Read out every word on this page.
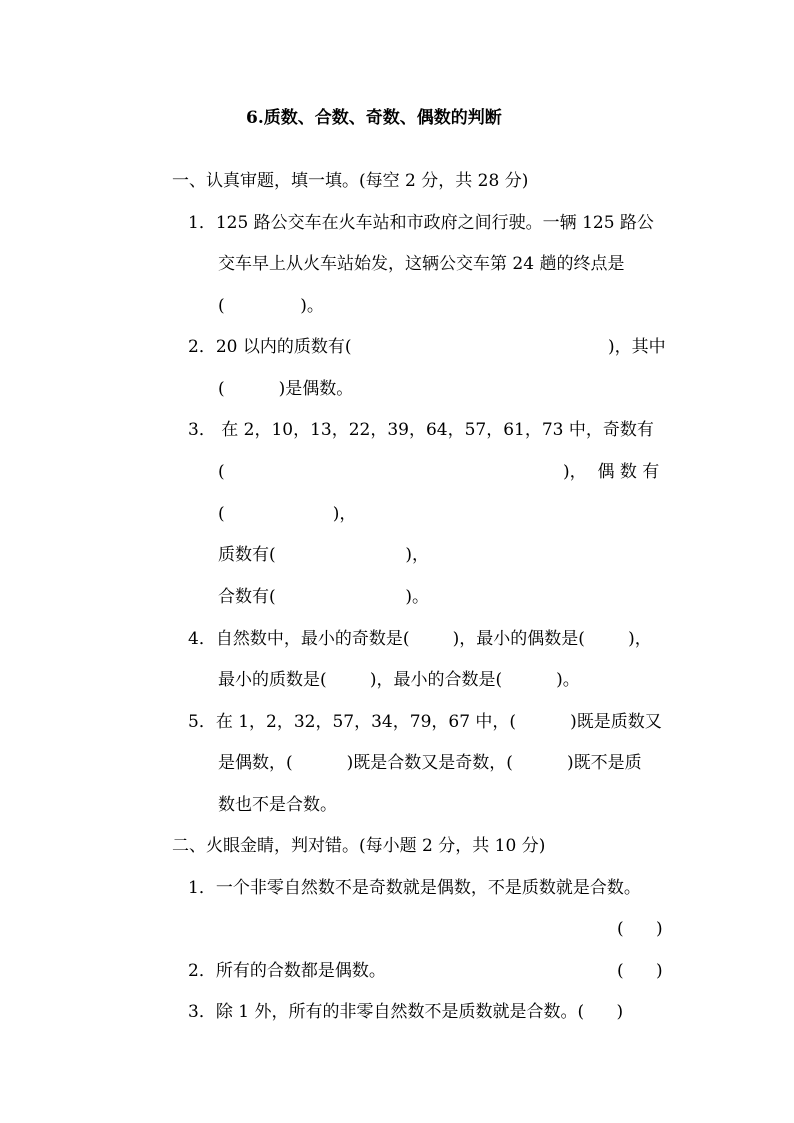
6.质数、合数、奇数、偶数的判断
一、认真审题，填一填。(每空 2 分，共 28 分)
1．125 路公交车在火车站和市政府之间行驶。一辆 125 路公
交车早上从火车站始发，这辆公交车第 24 趟的终点是
(              )。
2．20 以内的质数有(	)，其中
(          )是偶数。
3． 在 2，10，13，22，39，64，57，61，73 中，奇数有
(	)，  偶 数 有
(                    )，
质数有(                        )，
合数有(                        )。
4．自然数中，最小的奇数是(        )，最小的偶数是(        )，
最小的质数是(        )，最小的合数是(          )。
5．在 1，2，32，57，34，79，67 中，(          )既是质数又
是偶数，(          )既是合数又是奇数，(          )既不是质
数也不是合数。
二、火眼金睛，判对错。(每小题 2 分，共 10 分)
1．一个非零自然数不是奇数就是偶数，不是质数就是合数。
(      )
2．所有的合数都是偶数。	(      )
3．除 1 外，所有的非零自然数不是质数就是合数。(      )
